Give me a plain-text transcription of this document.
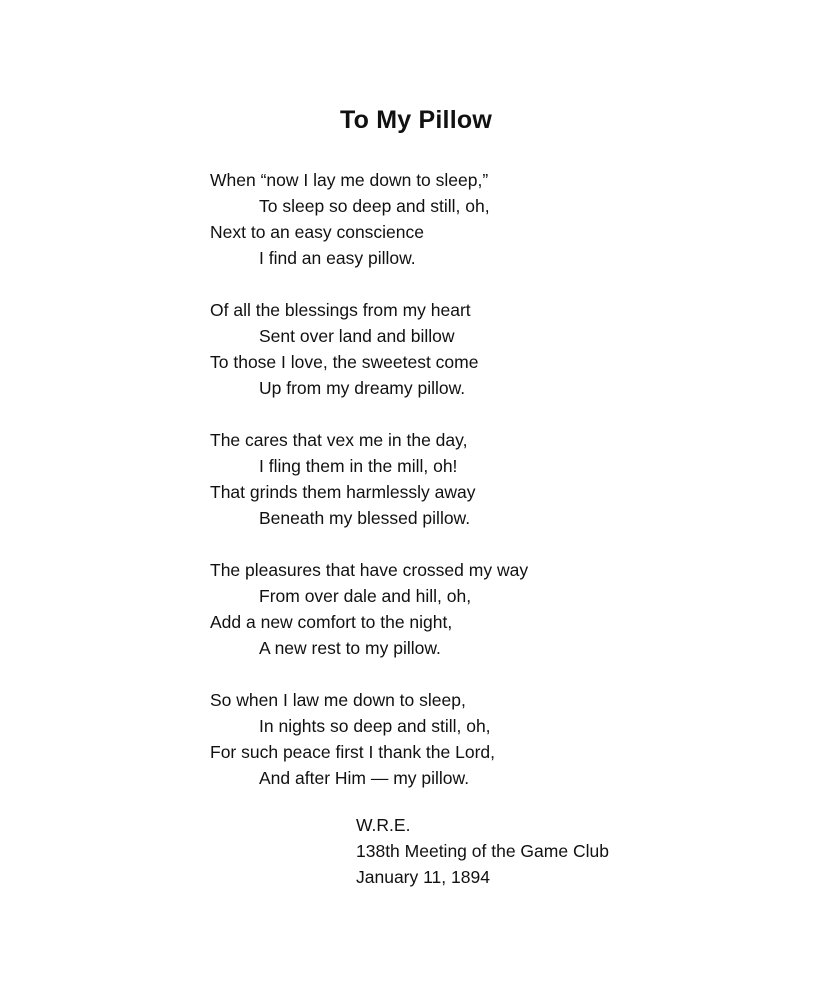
To My Pillow
When “now I lay me down to sleep,”
To sleep so deep and still, oh,
Next to an easy conscience
I find an easy pillow.
Of all the blessings from my heart
Sent over land and billow
To those I love, the sweetest come
Up from my dreamy pillow.
The cares that vex me in the day,
I fling them in the mill, oh!
That grinds them harmlessly away
Beneath my blessed pillow.
The pleasures that have crossed my way
From over dale and hill, oh,
Add a new comfort to the night,
A new rest to my pillow.
So when I law me down to sleep,
In nights so deep and still, oh,
For such peace first I thank the Lord,
And after Him — my pillow.
W.R.E.
138th Meeting of the Game Club
January 11, 1894
